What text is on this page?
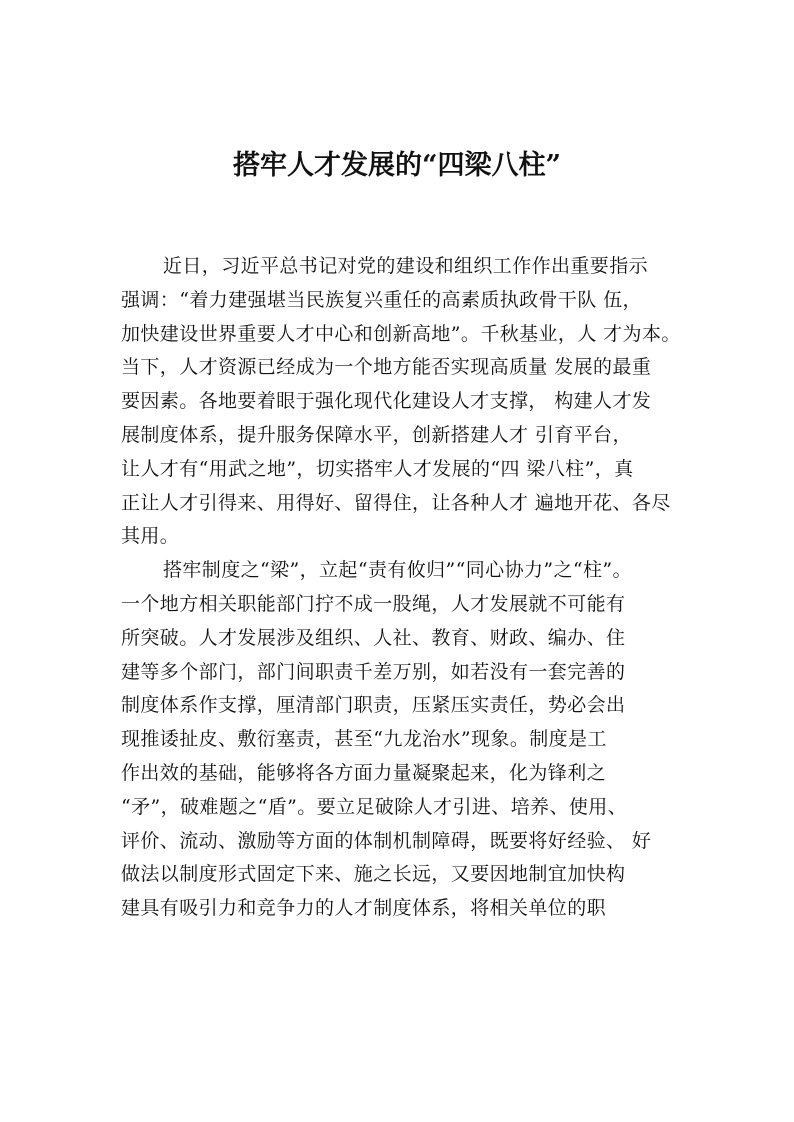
搭牢人才发展的“四梁八柱”
近日，习近平总书记对党的建设和组织工作作出重要指示
强调：“着力建强堪当民族复兴重任的高素质执政骨干队 伍，
加快建设世界重要人才中心和创新高地”。千秋基业，人 才为本。
当下，人才资源已经成为一个地方能否实现高质量 发展的最重
要因素。各地要着眼于强化现代化建设人才支撑， 构建人才发
展制度体系，提升服务保障水平，创新搭建人才 引育平台，
让人才有“用武之地”，切实搭牢人才发展的“四 梁八柱”，真
正让人才引得来、用得好、留得住，让各种人才 遍地开花、各尽
其用。
搭牢制度之“梁”，立起“责有攸归”“同心协力”之“柱”。
一个地方相关职能部门拧不成一股绳，人才发展就不可能有
所突破。人才发展涉及组织、人社、教育、财政、编办、住
建等多个部门，部门间职责千差万别，如若没有一套完善的
制度体系作支撑，厘清部门职责，压紧压实责任，势必会出
现推诿扯皮、敷衍塞责，甚至“九龙治水”现象。制度是工
作出效的基础，能够将各方面力量凝聚起来，化为锋利之
“矛”，破难题之“盾”。要立足破除人才引进、培养、使用、
评价、流动、激励等方面的体制机制障碍，既要将好经验、 好
做法以制度形式固定下来、施之长远，又要因地制宜加快构
建具有吸引力和竞争力的人才制度体系，将相关单位的职
